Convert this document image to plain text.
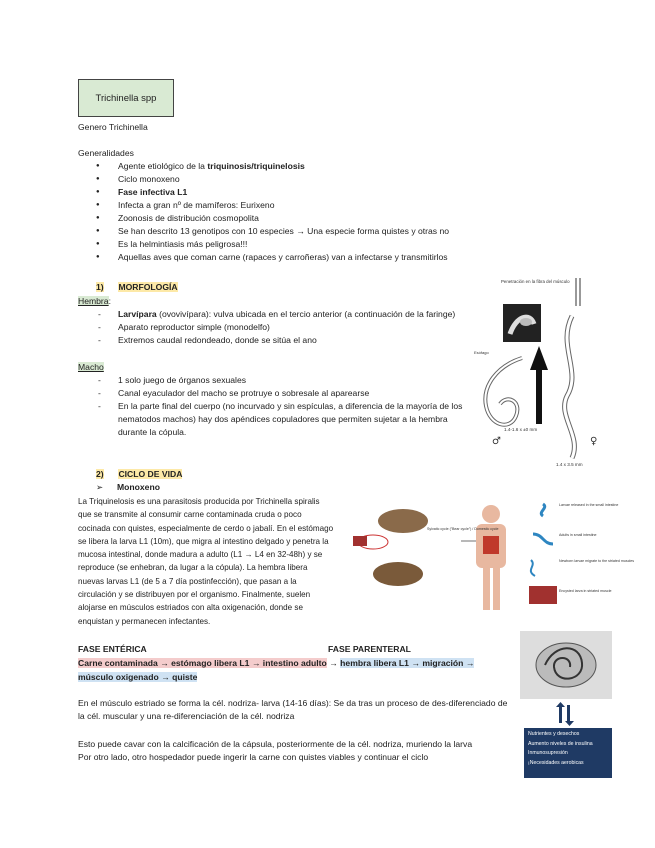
Trichinella spp
Genero Trichinella
Generalidades
● Agente etiológico de la triquinosis/triquinelosis
● Ciclo monoxeno
● Fase infectiva L1
● Infecta a gran nº de mamíferos: Eurixeno
● Zoonosis de distribución cosmopolita
● Se han descrito 13 genotipos con 10 especies → Una especie forma quistes y otras no
● Es la helmintiasis más peligrosa!!!
● Aquellas aves que coman carne (rapaces y carroñeras) van a infectarse y transmitirlos
1) MORFOLOGÍA
Hembra:
- Larvípara (ovovivípara): vulva ubicada en el tercio anterior (a continuación de la faringe)
- Aparato reproductor simple (monodelfo)
- Extremos caudal redondeado, donde se sitúa el ano
Macho
- 1 solo juego de órganos sexuales
- Canal eyaculador del macho se protruye o sobresale al aparearse
- En la parte final del cuerpo (no incurvado y sin espículas, a diferencia de la mayoría de los nematodos machos) hay dos apéndices copuladores que permiten sujetar a la hembra durante la cópula.
Penetración en la fibra del músculo
Esófago
1.4-1.6 x ±0 mm
♂	♀
1.4 x 3.5 mm
2) CICLO DE VIDA
➢ Monoxeno

La Triquinelosis es una parasitosis producida por Trichinella spiralis que se transmite al consumir carne contaminada cruda o poco cocinada con quistes, especialmente de cerdo o jabalí. En el estómago se libera la larva L1 (10m), que migra al intestino delgado y penetra la mucosa intestinal, donde madura a adulto (L1 → L4 en 32-48h) y se reproduce (se enhebran, da lugar a la cópula). La hembra libera nuevas larvas L1 (de 5 a 7 día postinfección), que pasan a la circulación y se distribuyen por el organismo. Finalmente, suelen alojarse en músculos estriados con alta oxigenación, donde se enquistan y permanecen infectantes.

Sylvatic cycle ("Bear cycle") / Domestic cycle
Larvae released in the small intestine
Adults in small intestine
Newborn larvae migrate to the striated muscles
Encysted larva in striated muscle
FASE ENTÉRICA	FASE PARENTERAL
Carne contaminada → estómago libera L1 → intestino adulto → hembra libera L1 → migración → músculo oxigenado → quiste
Nutrientes y desechos
Aumento niveles de insulina
Inmunosupresión
¡Necesidades aerobicas
En el músculo estriado se forma la cél. nodriza- larva (14-16 días): Se da tras un proceso de des-diferenciado de la cél. muscular y una re-diferenciación de la cél. nodriza
Esto puede cavar con la calcificación de la cápsula, posteriormente de la cél. nodriza, muriendo la larva
Por otro lado, otro hospedador puede ingerir la carne con quistes viables y continuar el ciclo
